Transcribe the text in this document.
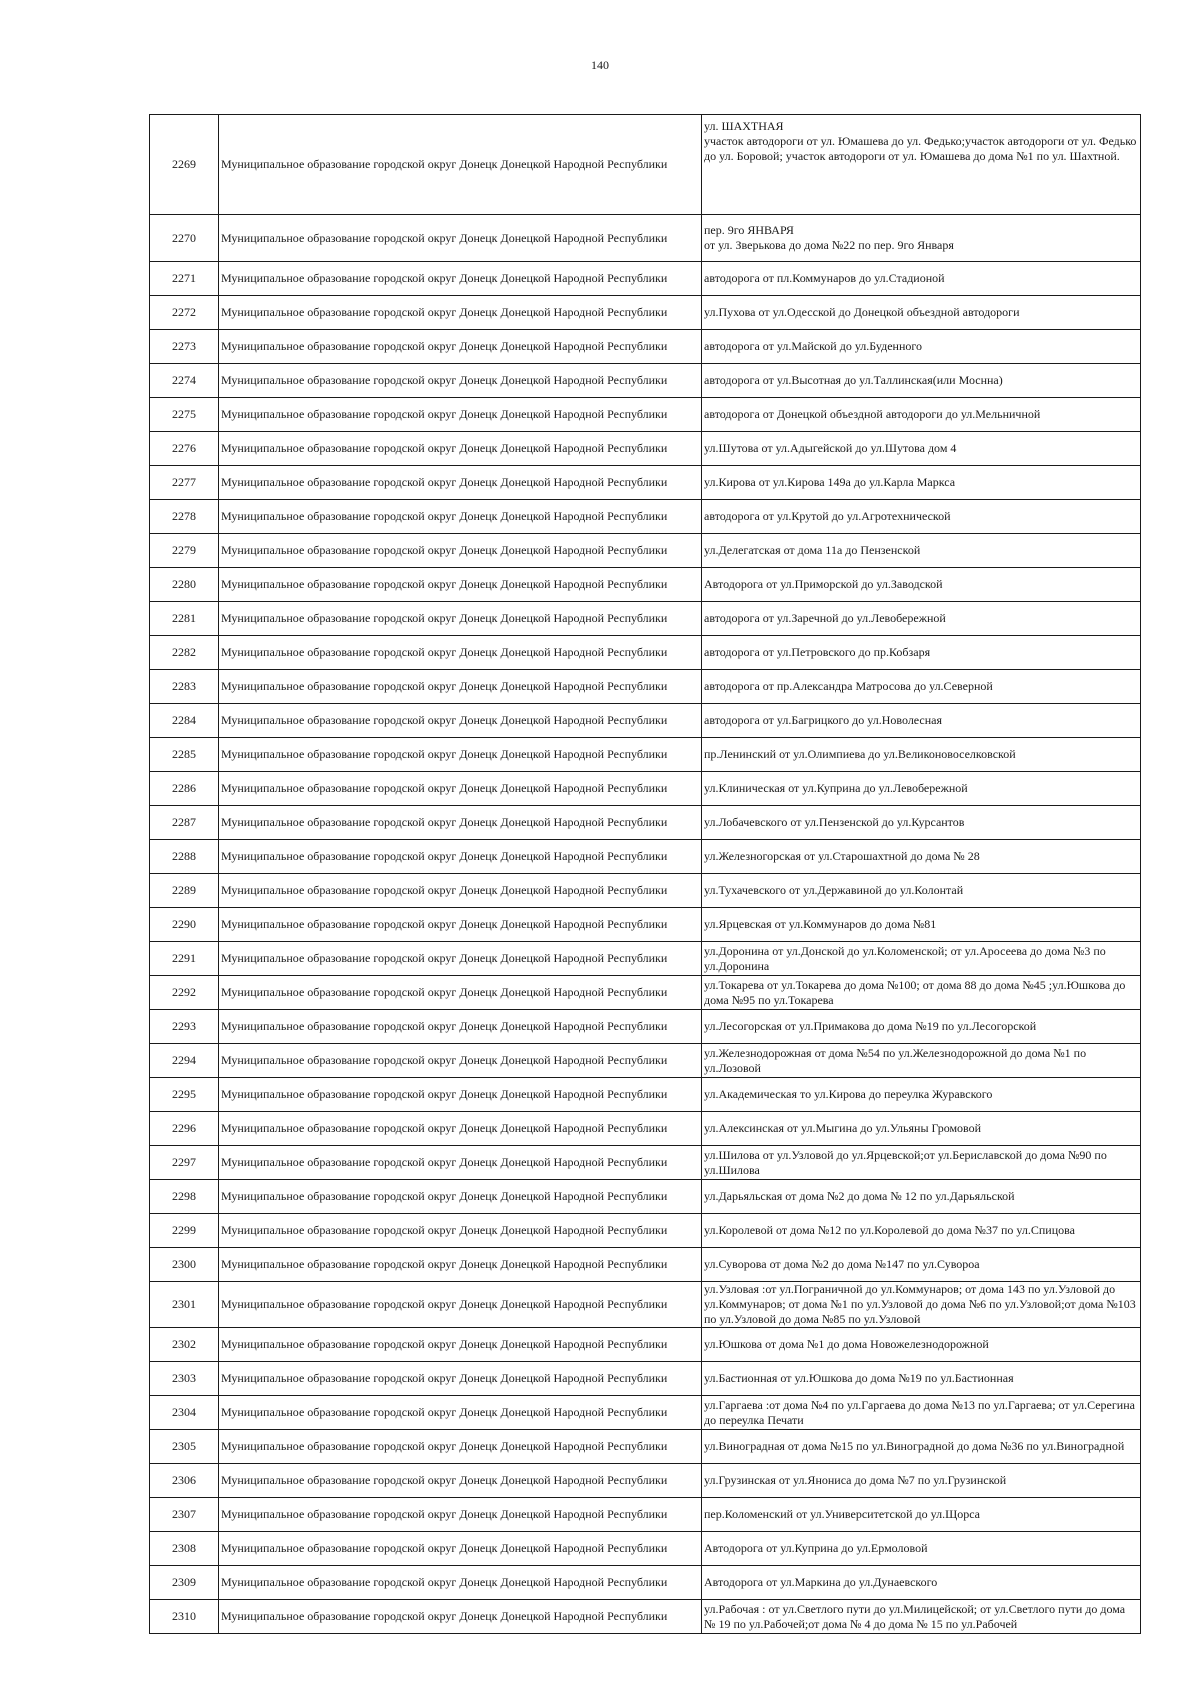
140
2269	Муниципальное образование городской округ Донецк Донецкой Народной Республики	ул. ШАХТНАЯ
участок автодороги от ул. Юмашева до ул. Федько;участок автодороги от ул. Федько до ул. Боровой; участок автодороги от ул. Юмашева до дома №1 по ул. Шахтной.

2270	Муниципальное образование городской округ Донецк Донецкой Народной Республики	пер. 9го ЯНВАРЯ
от ул. Зверькова до дома №22 по пер. 9го Января

2271	Муниципальное образование городской округ Донецк Донецкой Народной Республики	автодорога от пл.Коммунаров до ул.Стадионой

2272	Муниципальное образование городской округ Донецк Донецкой Народной Республики	ул.Пухова от ул.Одесской до Донецкой объездной автодороги

2273	Муниципальное образование городской округ Донецк Донецкой Народной Республики	автодорога от ул.Майской до ул.Буденного

2274	Муниципальное образование городской округ Донецк Донецкой Народной Республики	автодорога от ул.Высотная до ул.Таллинская(или Моснна)

2275	Муниципальное образование городской округ Донецк Донецкой Народной Республики	автодорога от Донецкой объездной автодороги до ул.Мельничной

2276	Муниципальное образование городской округ Донецк Донецкой Народной Республики	ул.Шутова от ул.Адыгейской до ул.Шутова дом 4

2277	Муниципальное образование городской округ Донецк Донецкой Народной Республики	ул.Кирова от ул.Кирова 149а до ул.Карла Маркса

2278	Муниципальное образование городской округ Донецк Донецкой Народной Республики	автодорога от ул.Крутой до ул.Агротехнической

2279	Муниципальное образование городской округ Донецк Донецкой Народной Республики	ул.Делегатская от дома 11а до Пензенской

2280	Муниципальное образование городской округ Донецк Донецкой Народной Республики	Автодорога от ул.Приморской до ул.Заводской

2281	Муниципальное образование городской округ Донецк Донецкой Народной Республики	автодорога от ул.Заречной до ул.Левобережной

2282	Муниципальное образование городской округ Донецк Донецкой Народной Республики	автодорога от ул.Петровского до пр.Кобзаря

2283	Муниципальное образование городской округ Донецк Донецкой Народной Республики	автодорога от пр.Александра Матросова до ул.Северной

2284	Муниципальное образование городской округ Донецк Донецкой Народной Республики	автодорога от ул.Багрицкого до ул.Новолесная

2285	Муниципальное образование городской округ Донецк Донецкой Народной Республики	пр.Ленинский от ул.Олимпиева до ул.Великоновоселковской

2286	Муниципальное образование городской округ Донецк Донецкой Народной Республики	ул.Клиническая от ул.Куприна до ул.Левобережной

2287	Муниципальное образование городской округ Донецк Донецкой Народной Республики	ул.Лобачевского от ул.Пензенской до ул.Курсантов

2288	Муниципальное образование городской округ Донецк Донецкой Народной Республики	ул.Железногорская от ул.Старошахтной до дома № 28

2289	Муниципальное образование городской округ Донецк Донецкой Народной Республики	ул.Тухачевского от ул.Державиной до ул.Колонтай

2290	Муниципальное образование городской округ Донецк Донецкой Народной Республики	ул.Ярцевская от ул.Коммунаров до дома №81

2291	Муниципальное образование городской округ Донецк Донецкой Народной Республики	ул.Доронина от ул.Донской до ул.Коломенской; от ул.Аросеева до дома №3 по ул.Доронина

2292	Муниципальное образование городской округ Донецк Донецкой Народной Республики	ул.Токарева от ул.Токарева до дома №100; от дома 88 до дома №45 ;ул.Юшкова до дома №95 по ул.Токарева

2293	Муниципальное образование городской округ Донецк Донецкой Народной Республики	ул.Лесогорская от ул.Примакова до дома №19 по ул.Лесогорской

2294	Муниципальное образование городской округ Донецк Донецкой Народной Республики	ул.Железнодорожная от дома №54 по ул.Железнодорожной до дома №1 по ул.Лозовой

2295	Муниципальное образование городской округ Донецк Донецкой Народной Республики	ул.Академическая то ул.Кирова до переулка Журавского

2296	Муниципальное образование городской округ Донецк Донецкой Народной Республики	ул.Алексинская от ул.Мыгина до ул.Ульяны Громовой

2297	Муниципальное образование городской округ Донецк Донецкой Народной Республики	ул.Шилова от ул.Узловой до ул.Ярцевской;от ул.Бериславской до дома №90 по ул.Шилова

2298	Муниципальное образование городской округ Донецк Донецкой Народной Республики	ул.Дарьяльская от дома №2 до дома № 12 по ул.Дарьяльской

2299	Муниципальное образование городской округ Донецк Донецкой Народной Республики	ул.Королевой от дома №12 по ул.Королевой до дома №37 по ул.Спицова

2300	Муниципальное образование городской округ Донецк Донецкой Народной Республики	ул.Суворова от дома №2 до дома №147 по ул.Сувороа

2301	Муниципальное образование городской округ Донецк Донецкой Народной Республики	ул.Узловая :от ул.Пограничной до ул.Коммунаров; от дома 143 по ул.Узловой до ул.Коммунаров; от дома №1 по ул.Узловой до дома №6 по ул.Узловой;от дома №103 по ул.Узловой до дома №85 по ул.Узловой

2302	Муниципальное образование городской округ Донецк Донецкой Народной Республики	ул.Юшкова от дома №1 до дома Новожелезнодорожной

2303	Муниципальное образование городской округ Донецк Донецкой Народной Республики	ул.Бастионная от ул.Юшкова до дома №19 по ул.Бастионная

2304	Муниципальное образование городской округ Донецк Донецкой Народной Республики	ул.Гаргаева :от дома №4 по ул.Гаргаева до дома №13 по ул.Гаргаева; от ул.Серегина до переулка Печати

2305	Муниципальное образование городской округ Донецк Донецкой Народной Республики	ул.Виноградная от дома №15 по ул.Виноградной до дома №36 по ул.Виноградной

2306	Муниципальное образование городской округ Донецк Донецкой Народной Республики	ул.Грузинская от ул.Янониса до дома №7 по ул.Грузинской

2307	Муниципальное образование городской округ Донецк Донецкой Народной Республики	пер.Коломенский от ул.Университетской до ул.Щорса

2308	Муниципальное образование городской округ Донецк Донецкой Народной Республики	Автодорога от ул.Куприна до ул.Ермоловой

2309	Муниципальное образование городской округ Донецк Донецкой Народной Республики	Автодорога от ул.Маркина до ул.Дунаевского

2310	Муниципальное образование городской округ Донецк Донецкой Народной Республики	ул.Рабочая : от ул.Светлого пути до ул.Милицейской; от ул.Светлого пути до дома № 19 по ул.Рабочей;от дома № 4 до дома № 15 по ул.Рабочей
